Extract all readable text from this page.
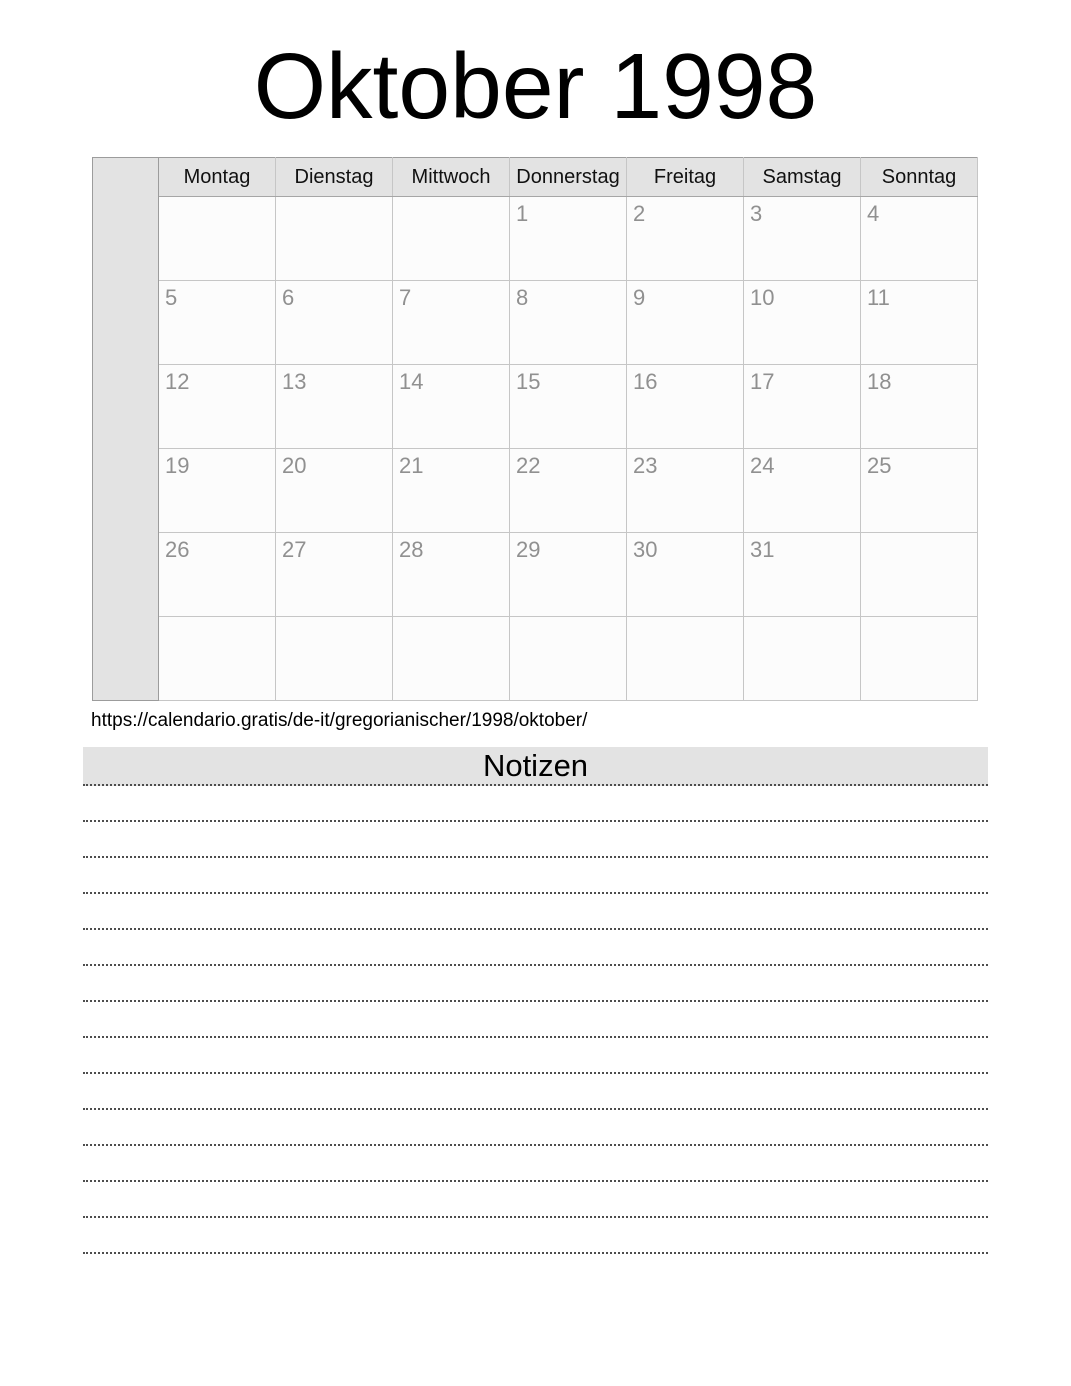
Oktober 1998
	Montag	Dienstag	Mittwoch	Donnerstag	Freitag	Samstag	Sonntag
				1	2	3	4
	5	6	7	8	9	10	11
	12	13	14	15	16	17	18
	19	20	21	22	23	24	25
	26	27	28	29	30	31	

https://calendario.gratis/de-it/gregorianischer/1998/oktober/
Notizen
